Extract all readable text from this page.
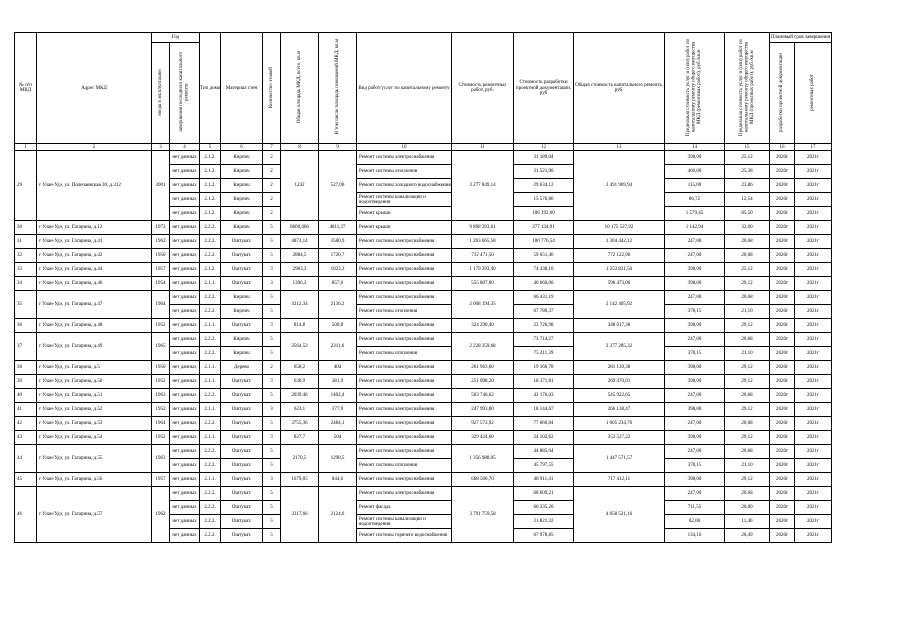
№ п/п МКД	Адрес МКД	Год		Тип дома	Материал стен	Количество этажей	Общая площадь МКД, всего, кв.м	В том числе площадь помещений МКД, кв.м	Вид работ/услуг по капитальному ремонту	Стоимость ремонтных работ, руб.	Стоимость разработки проектной документации, руб	Общая стоимость капитального ремонта, руб.	Предельная стоимость услуг и (или) работ по капитальному ремонту общего имущества МКД (ремонтных работ), руб./кв.м	Предельная стоимость услуг и (или) работ по капитальному ремонту общего имущества МКД (проектных работ), руб./кв.м	Плановый срок завершения	
		ввода в эксплуатацию	завершения последнего капитального ремонта												разработки проектной документации	ремонтных работ
1	2	3	4	5	6	7	8	9	10	11	12	13	14	15	16	17
29	г Улан-Удэ, ул. Полечаевская 30, д.312	2001	нет данных	2.1.2.	Кирпич	2	1242	527,00	Ремонт системы электроснабжения	3 277 849,14	31 189,04	3 491 969,94	398,00	25,12	2020г	2021г
			нет данных	2.1.2.	Кирпич	2			Ремонт системы отопления		31 521,96		460,00	25,38	2020г	2021г
			нет данных	2.1.2.	Кирпич	2			Ремонт системы холодного водоснабжения		29 634,12		115,00	23,86	2020г	2021г
			нет данных	2.1.2.	Кирпич	2			Ремонт системы канализации и водоотведения		15 576,86		86,72	12,54	2020г	2021г
			нет данных	2.1.2.	Кирпич	2			Ремонт крыши		106 192,00		1 579,45	85,50	2020г	2021г
30	г Улан-Удэ, ул. Гагарина, д.12	1973	нет данных	2.2.2.	Кирпич	5	8660,466	4811,37	Ремонт крыши	9 898 393,01	277 134,91	10 175 527,92	1 142,94	32,00	2020г	2021г
31	г Улан-Удэ, ул. Гагарина, д.41	1962	нет данных	2.2.2.	Оштукат.	5	4873,14	3580,9	Ремонт системы электроснабжения	1 203 665,58	100 776,54	1 304 442,12	247,00	20,68	2020г	2021г
32	г Улан-Удэ, ул. Гагарина, д.42	1950	нет данных	2.2.2.	Оштукат.	5	2884,5	1720,7	Ремонт системы электроснабжения	712 471,50	59 651,46	772 122,96	247,00	20,68	2020г	2021г
33	г Улан-Удэ, ул. Гагарина, д.44	1957	нет данных	2.1.2.	Оштукат.	3	2963,3	1023,3	Ремонт системы электроснабжения	1 179 393,40	74 438,10	1 253 831,50	398,00	25,12	2020г	2021г
34	г Улан-Удэ, ул. Гагарина, д.46	1954	нет данных	2.1.1.	Оштукат.	3	1396,3	857,6	Ремонт системы электроснабжения	555 807,00	40 666,06	596 473,06	398,00	29,12	2020г	2021г
35	г Улан-Удэ, ул. Гагарина, д.47	1964	нет данных	2.2.2.	Кирпич	5	3212,34	2136,2	Ремонт системы электроснабжения	2 008 194,35	66 431,19	2 142 405,92	247,00	20,68	2020г	2021г
			нет данных	2.2.2.	Кирпич	5			Ремонт системы отопления		67 780,37		378,15	21,10	2020г	2021г
36	г Улан-Удэ, ул. Гагарина, д.48	1952	нет данных	2.1.1.	Оштукат.	3	814,8	500,8	Ремонт системы электроснабжения	324 290,40	23 726,98	348 017,38	398,00	29,12	2020г	2021г
37	г Улан-Удэ, ул. Гагарина, д.49	1965	нет данных	2.2.2.	Кирпич	5	3564,52	2311,6	Ремонт системы электроснабжения	2 228 359,68	73 714,27	2 377 285,32	247,00	20,68	2020г	2021г
			нет данных	2.2.2.	Кирпич	5			Ремонт системы отопления		75 211,39		378,15	21,10	2020г	2021г
38	г Улан-Удэ, ул. Гагарина, д.5	1950	нет данных	2.1.1.	Дерево	2	658,2	404	Ремонт системы электроснабжения	261 963,60	19 166,78	281 130,38	398,00	29,12	2020г	2021г
39	г Улан-Удэ, ул. Гагарина, д.50	1952	нет данных	2.1.1.	Оштукат.	3	630,9	381,9	Ремонт системы электроснабжения	251 098,20	18 371,81	269 470,01	398,00	29,12	2020г	2021г
40	г Улан-Удэ, ул. Гагарина, д.51	1963	нет данных	2.2.2.	Оштукат.	5	2039,46	1402,4	Ремонт системы электроснабжения	503 746,62	42 176,03	545 922,65	247,00	20,68	2020г	2021г
41	г Улан-Удэ, ул. Гагарина, д.52	1952	нет данных	2.1.1.	Оштукат.	3	623,1	377,9	Ремонт системы электроснабжения	247 993,80	18 144,67	266 138,47	398,00	29,12	2020г	2021г
42	г Улан-Удэ, ул. Гагарина, д.53	1964	нет данных	2.2.2.	Оштукат.	5	3755,36	2484,1	Ремонт системы электроснабжения	927 573,92	77 660,84	1 005 234,76	247,00	20,68	2020г	2021г
43	г Улан-Удэ, ул. Гагарина, д.54	1952	нет данных	2.1.1.	Оштукат.	3	827,7	504	Ремонт системы электроснабжения	329 424,60	24 102,62	353 527,22	398,00	29,12	2020г	2021г
44	г Улан-Удэ, ул. Гагарина, д.55	1963	нет данных	2.2.2.	Оштукат.	5	2170,5	1290,5	Ремонт системы электроснабжения	1 356 988,05	44 885,94	1 447 571,57	247,00	20,68	2020г	2021г
			нет данных	2.2.2.	Оштукат.	5			Ремонт системы отопления		45 797,55		378,15	21,10	2020г	2021г
45	г Улан-Удэ, ул. Гагарина, д.56	1957	нет данных	2.1.1.	Оштукат.	3	1679,05	844,6	Ремонт системы электроснабжения	668 500,70	48 911,41	717 412,11	398,00	29,12	2020г	2021г
46	г Улан-Удэ, ул. Гагарина, д.57	1962	нет данных	2.2.2.	Оштукат.	5	3317,66	2124,6	Ремонт системы электроснабжения	3 791 759,58	68 609,21	4 058 521,16	247,00	20,68	2020г	2021г
			нет данных	2.2.2.	Оштукат.	5			Ремонт фасада		66 335,20		711,55	20,00	2020г	2021г
			нет данных	2.2.2.	Оштукат.	5			Ремонт системы канализации и водоотведения		31 821,32		82,00	11,40	2020г	2021г
			нет данных	2.2.2.	Оштукат.	5			Ремонт системы горячего водоснабжения		67 978,85		134,16	20,49	2020г	2021г
